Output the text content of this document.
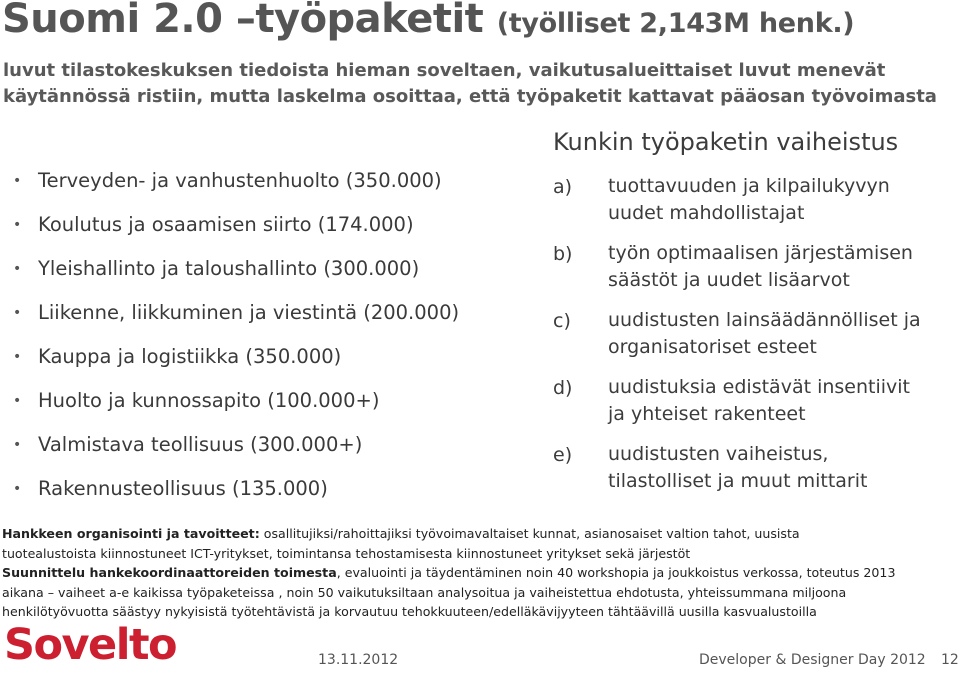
Suomi 2.0 –työpaketit (työlliset 2,143M henk.)
luvut tilastokeskuksen tiedoista hieman soveltaen, vaikutusalueittaiset luvut menevät
käytännössä ristiin, mutta laskelma osoittaa, että työpaketit kattavat pääosan työvoimasta
• Terveyden- ja vanhustenhuolto (350.000)
• Koulutus ja osaamisen siirto (174.000)
• Yleishallinto ja taloushallinto (300.000)
• Liikenne, liikkuminen ja viestintä (200.000)
• Kauppa ja logistiikka (350.000)
• Huolto ja kunnossapito (100.000+)
• Valmistava teollisuus (300.000+)
• Rakennusteollisuus (135.000)
Kunkin työpaketin vaiheistus
a) tuottavuuden ja kilpailukyvyn
uudet mahdollistajat
b) työn optimaalisen järjestämisen
säästöt ja uudet lisäarvot
c) uudistusten lainsäädännölliset ja
organisatoriset esteet
d) uudistuksia edistävät insentiivit
ja yhteiset rakenteet
e) uudistusten vaiheistus,
tilastolliset ja muut mittarit
Hankkeen organisointi ja tavoitteet: osallitujiksi/rahoittajiksi työvoimavaltaiset kunnat, asianosaiset valtion tahot, uusista
tuotealustoista kiinnostuneet ICT-yritykset, toimintansa tehostamisesta kiinnostuneet yritykset sekä järjestöt
Suunnittelu hankekoordinaattoreiden toimesta, evaluointi ja täydentäminen noin 40 workshopia ja joukkoistus verkossa, toteutus 2013
aikana – vaiheet a-e kaikissa työpaketeissa , noin 50 vaikutuksiltaan analysoitua ja vaiheistettua ehdotusta, yhteissummana miljoona
henkilötyövuotta säästyy nykyisistä työtehtävistä ja korvautuu tehokkuuteen/edelläkävijyyteen tähtäävillä uusilla kasvualustoilla
Sovelto	13.11.2012	Developer & Designer Day 2012 12
